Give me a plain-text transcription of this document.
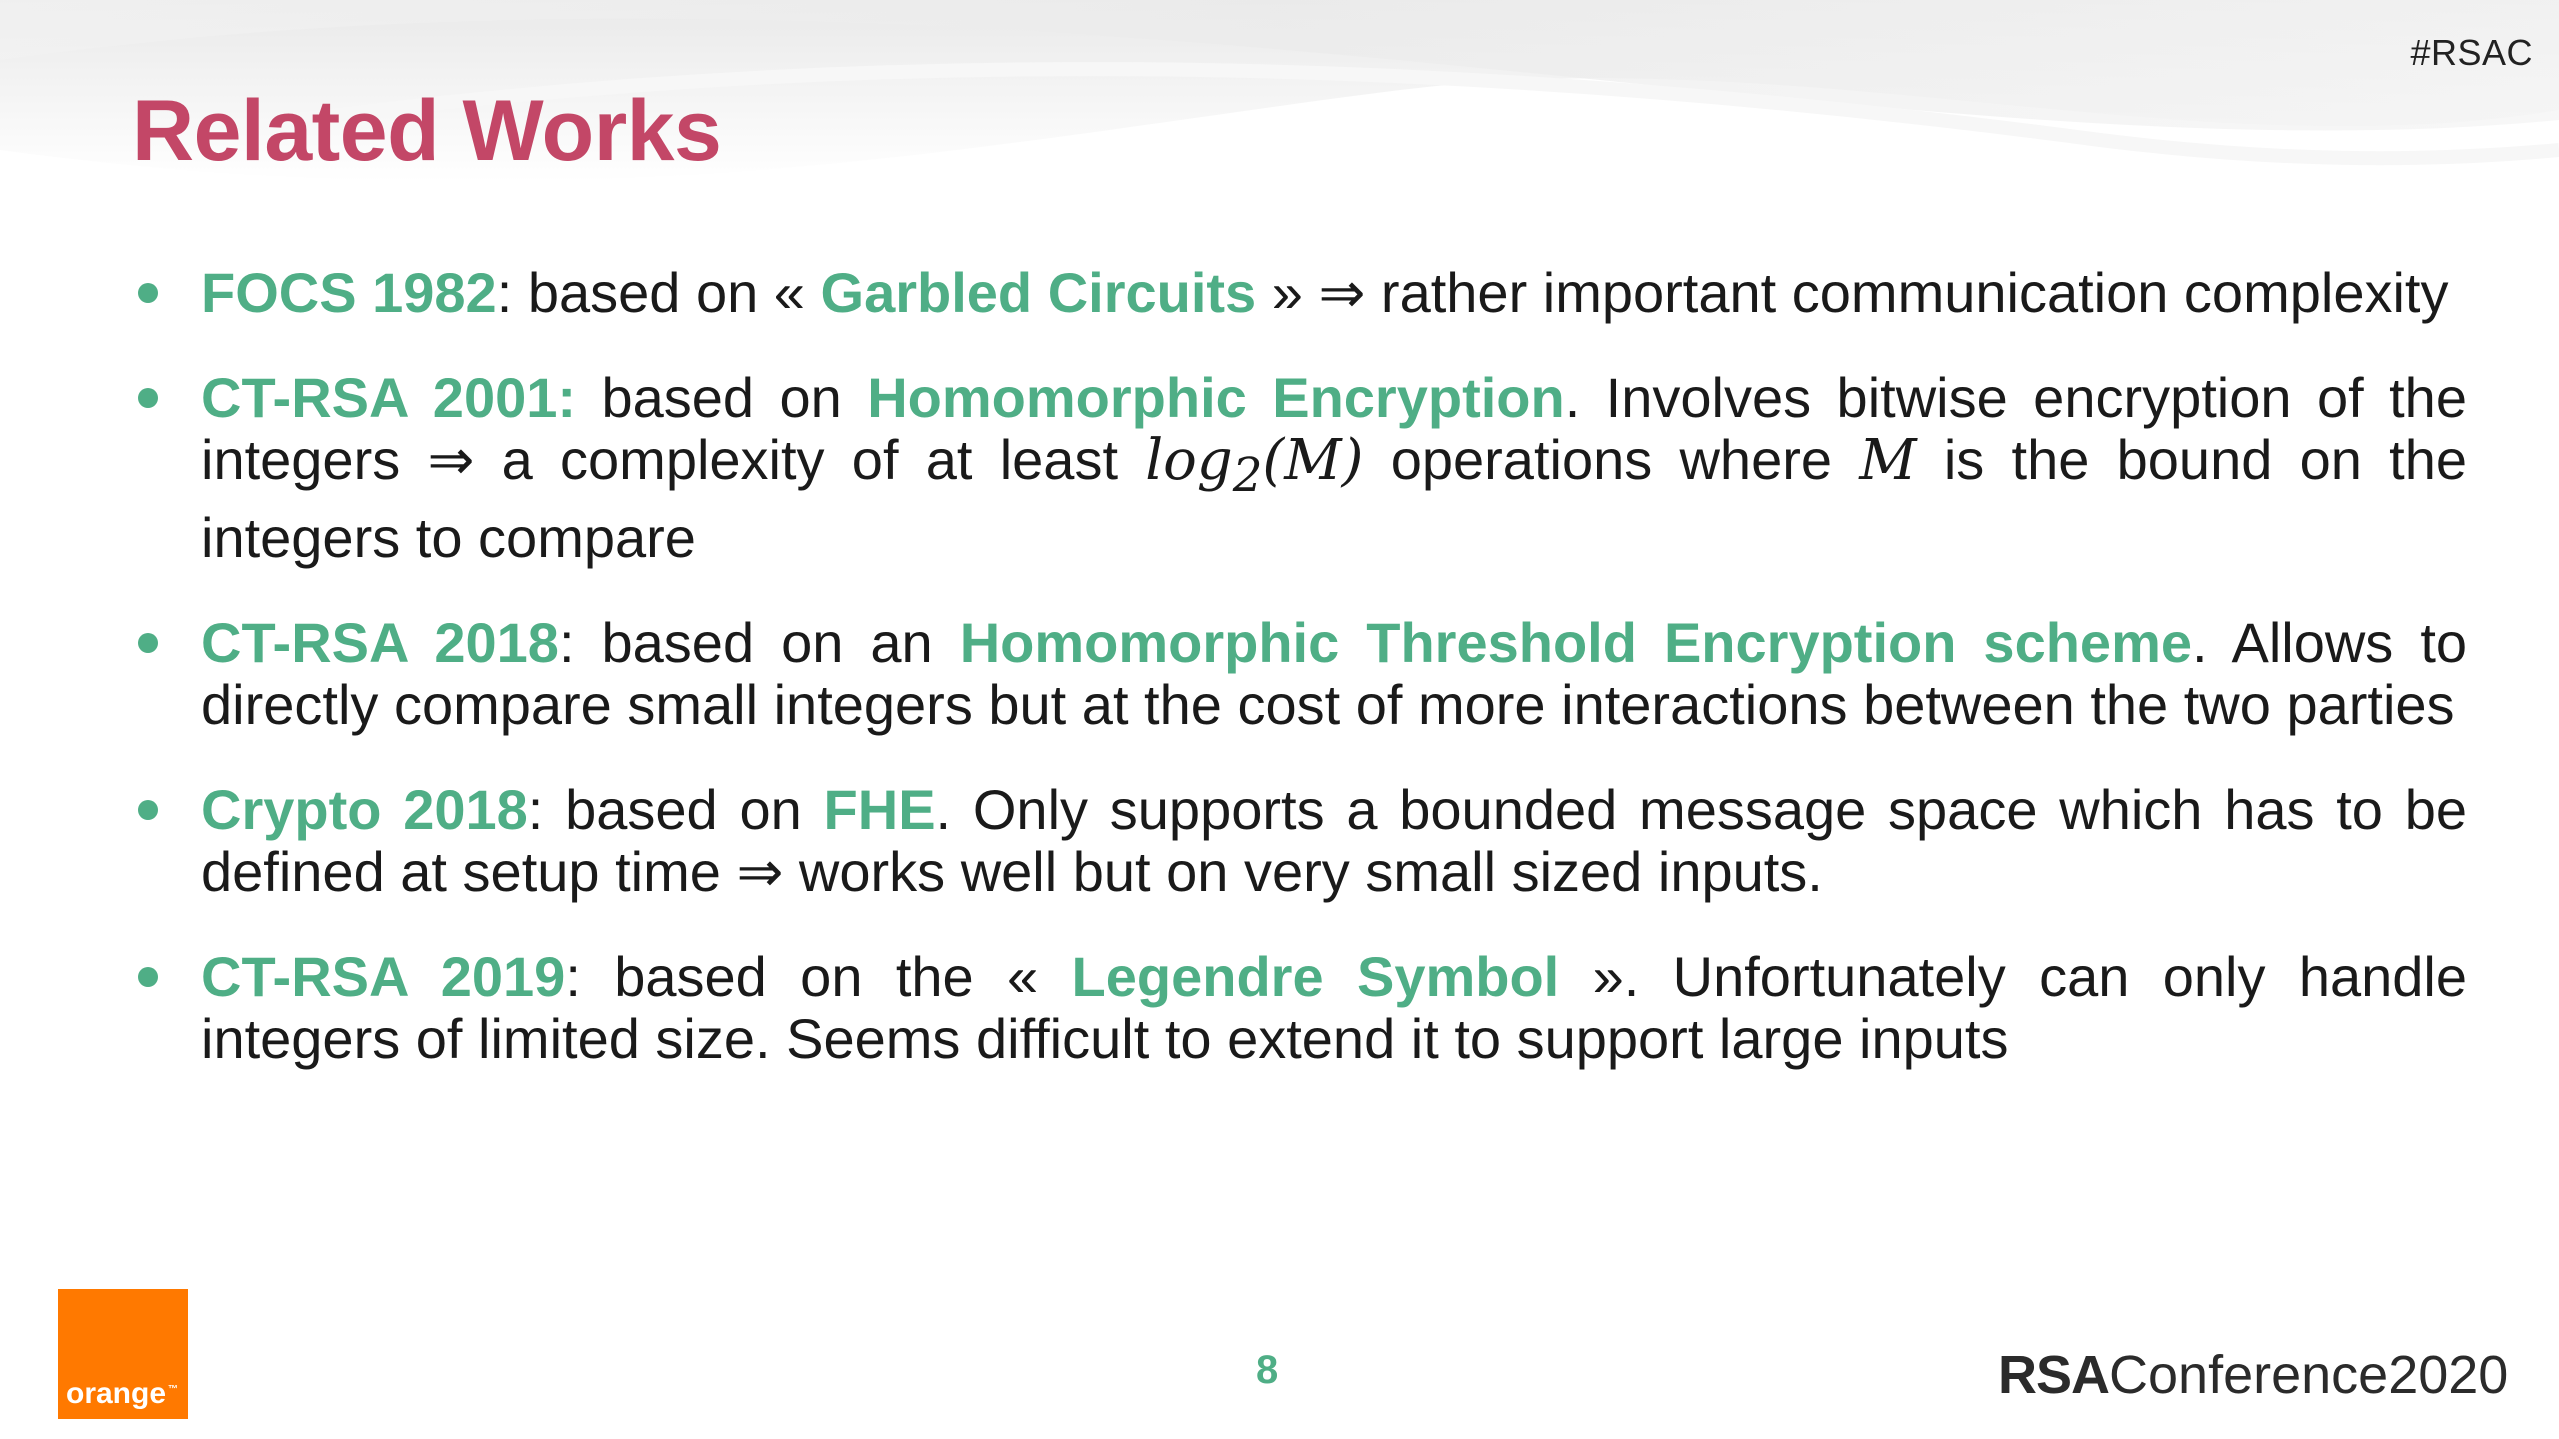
#RSAC
Related Works
FOCS 1982: based on « Garbled Circuits » ⇒ rather important communication complexity
CT-RSA 2001: based on Homomorphic Encryption. Involves bitwise encryption of the integers ⇒ a complexity of at least $\log_2(M)$ operations where M is the bound on the integers to compare
CT-RSA 2018: based on an Homomorphic Threshold Encryption scheme. Allows to directly compare small integers but at the cost of more interactions between the two parties
Crypto 2018: based on FHE. Only supports a bounded message space which has to be defined at setup time ⇒ works well but on very small sized inputs.
CT-RSA 2019: based on the « Legendre Symbol ». Unfortunately can only handle integers of limited size. Seems difficult to extend it to support large inputs
8
orange ™	RSAConference2020
